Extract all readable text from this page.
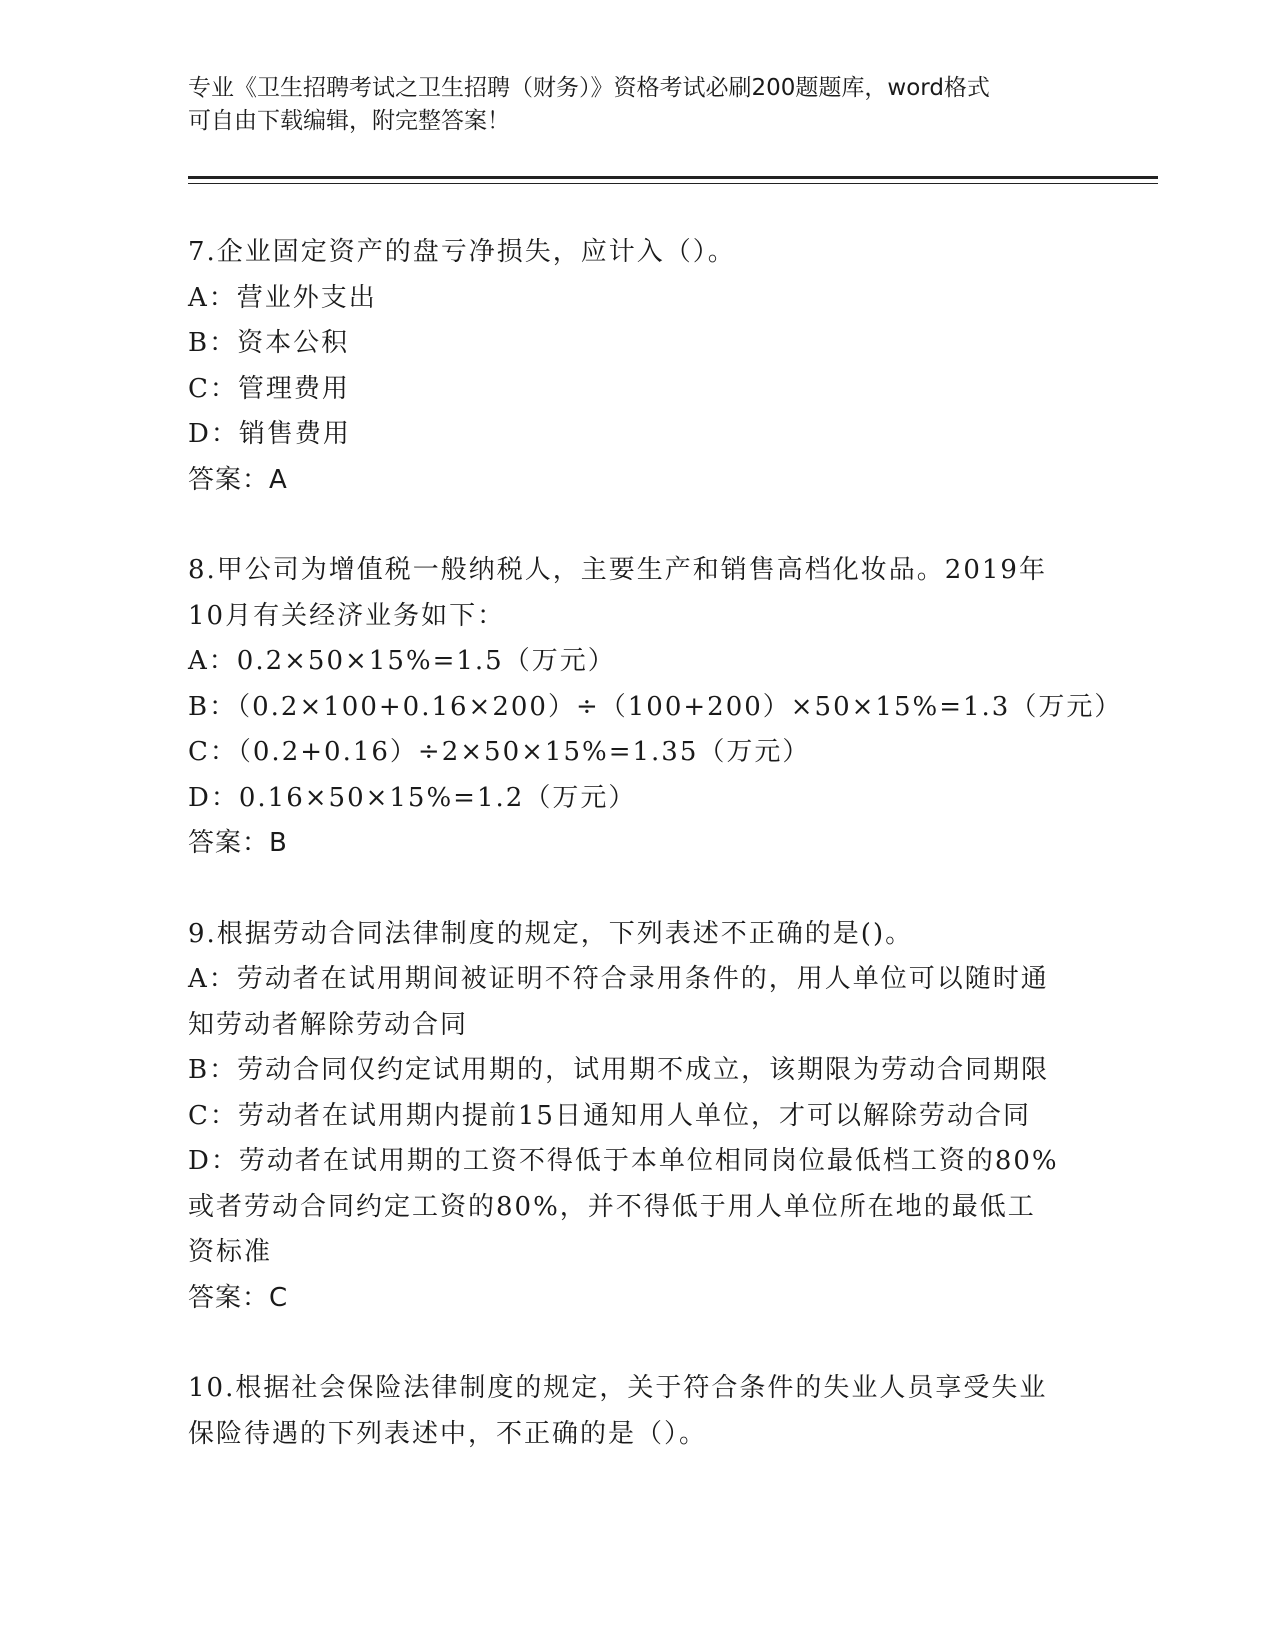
专业《卫生招聘考试之卫生招聘（财务）》资格考试必刷200题题库，word格式
可自由下载编辑，附完整答案！
7.企业固定资产的盘亏净损失，应计入（）。
A：营业外支出
B：资本公积
C：管理费用
D：销售费用
答案：A
8.甲公司为增值税一般纳税人，主要生产和销售高档化妆品。2019年
10月有关经济业务如下：
A：0.2×50×15%=1.5（万元）
B：（0.2×100+0.16×200）÷（100+200）×50×15%=1.3（万元）
C：（0.2+0.16）÷2×50×15%=1.35（万元）
D：0.16×50×15%=1.2（万元）
答案：B
9.根据劳动合同法律制度的规定，下列表述不正确的是()。
A：劳动者在试用期间被证明不符合录用条件的，用人单位可以随时通
知劳动者解除劳动合同
B：劳动合同仅约定试用期的，试用期不成立，该期限为劳动合同期限
C：劳动者在试用期内提前15日通知用人单位，才可以解除劳动合同
D：劳动者在试用期的工资不得低于本单位相同岗位最低档工资的80%
或者劳动合同约定工资的80%，并不得低于用人单位所在地的最低工
资标准
答案：C
10.根据社会保险法律制度的规定，关于符合条件的失业人员享受失业
保险待遇的下列表述中，不正确的是（）。
